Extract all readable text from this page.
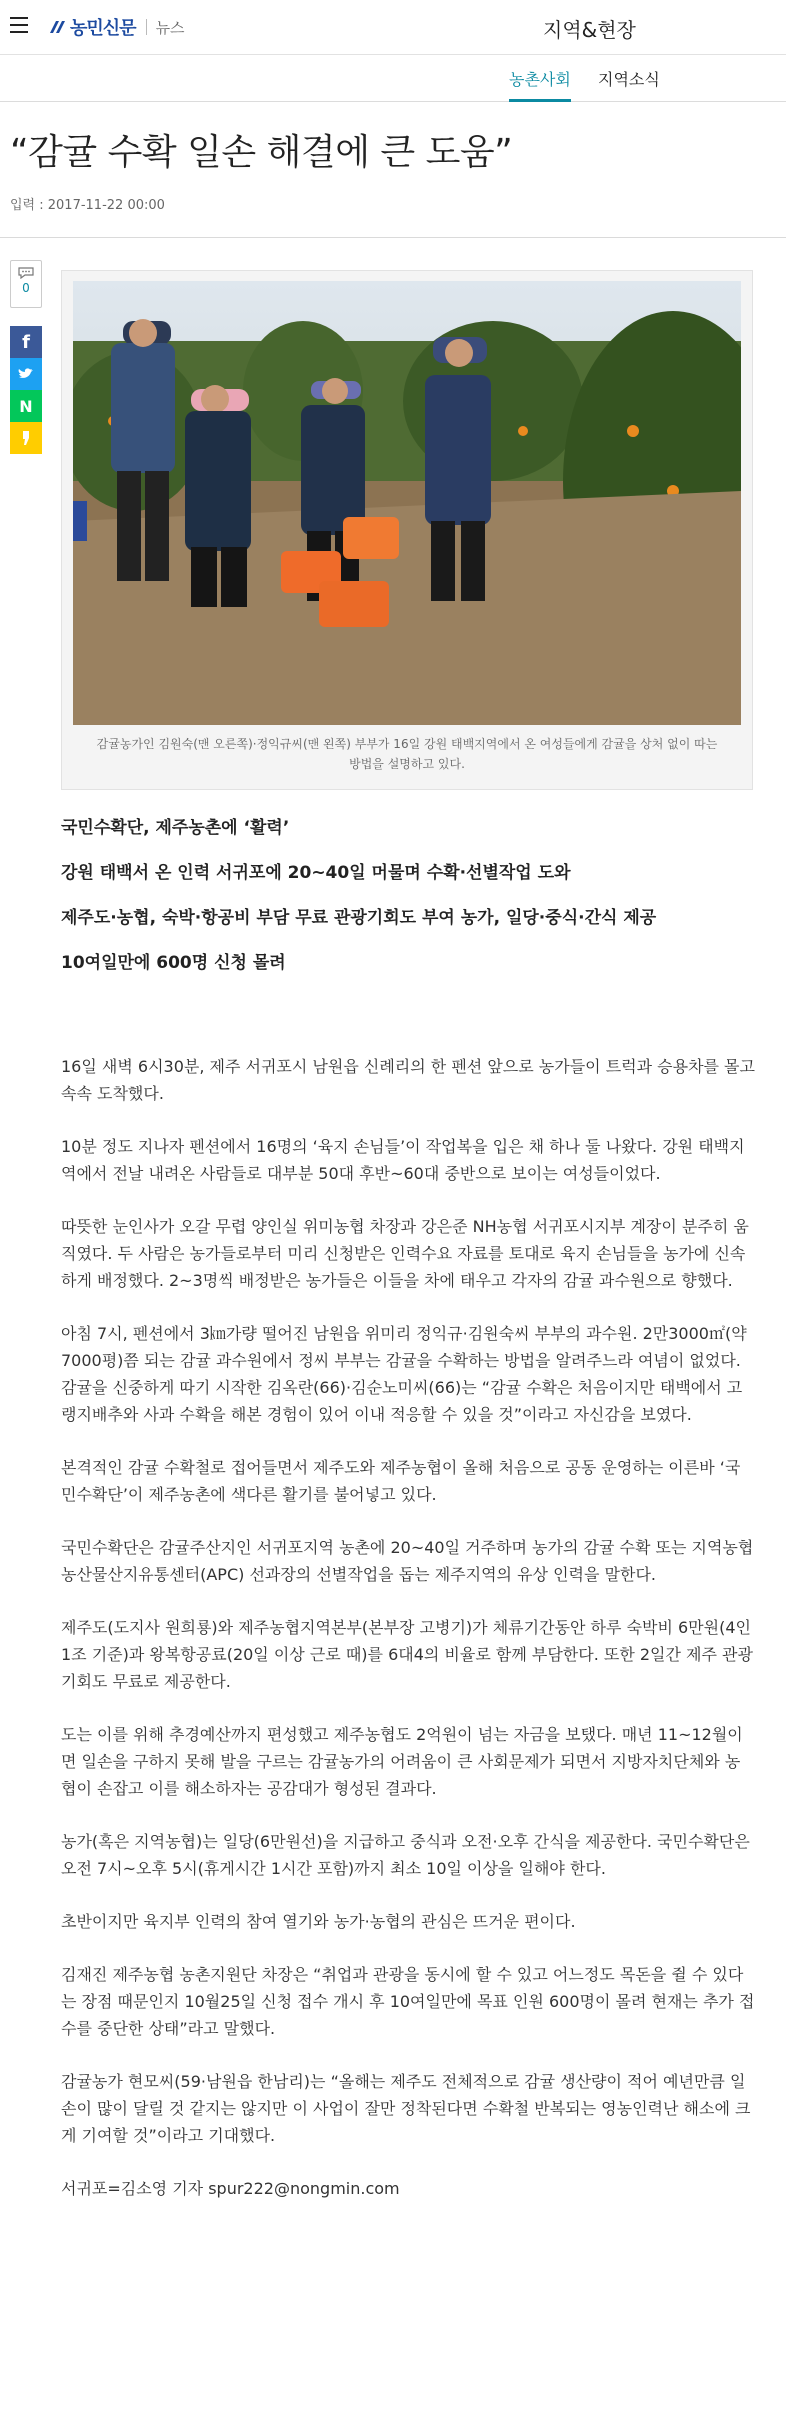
농민신문 뉴스	지역&현장
농촌사회 지역소식
“감귤 수확 일손 해결에 큰 도움”
입력 : 2017-11-22 00:00
0
f
N
감귤농가인 김원숙(맨 오른쪽)·정익규씨(맨 왼쪽) 부부가 16일 강원 태백지역에서 온 여성들에게 감귤을 상처 없이 따는 방법을 설명하고 있다.

국민수확단, 제주농촌에 ‘활력’

강원 태백서 온 인력 서귀포에 20~40일 머물며 수확·선별작업 도와

제주도·농협, 숙박·항공비 부담 무료 관광기회도 부여 농가, 일당·중식·간식 제공

10여일만에 600명 신청 몰려

16일 새벽 6시30분, 제주 서귀포시 남원읍 신례리의 한 펜션 앞으로 농가들이 트럭과 승용차를 몰고 속속 도착했다.

10분 정도 지나자 펜션에서 16명의 ‘육지 손님들’이 작업복을 입은 채 하나 둘 나왔다. 강원 태백지역에서 전날 내려온 사람들로 대부분 50대 후반~60대 중반으로 보이는 여성들이었다.

따뜻한 눈인사가 오갈 무렵 양인실 위미농협 차장과 강은준 NH농협 서귀포시지부 계장이 분주히 움직였다. 두 사람은 농가들로부터 미리 신청받은 인력수요 자료를 토대로 육지 손님들을 농가에 신속하게 배정했다. 2~3명씩 배정받은 농가들은 이들을 차에 태우고 각자의 감귤 과수원으로 향했다.

아침 7시, 펜션에서 3㎞가량 떨어진 남원읍 위미리 정익규·김원숙씨 부부의 과수원. 2만3000㎡(약 7000평)쯤 되는 감귤 과수원에서 정씨 부부는 감귤을 수확하는 방법을 알려주느라 여념이 없었다. 감귤을 신중하게 따기 시작한 김옥란(66)·김순노미씨(66)는 “감귤 수확은 처음이지만 태백에서 고랭지배추와 사과 수확을 해본 경험이 있어 이내 적응할 수 있을 것”이라고 자신감을 보였다.

본격적인 감귤 수확철로 접어들면서 제주도와 제주농협이 올해 처음으로 공동 운영하는 이른바 ‘국민수확단’이 제주농촌에 색다른 활기를 불어넣고 있다.

국민수확단은 감귤주산지인 서귀포지역 농촌에 20~40일 거주하며 농가의 감귤 수확 또는 지역농협 농산물산지유통센터(APC) 선과장의 선별작업을 돕는 제주지역의 유상 인력을 말한다.

제주도(도지사 원희룡)와 제주농협지역본부(본부장 고병기)가 체류기간동안 하루 숙박비 6만원(4인 1조 기준)과 왕복항공료(20일 이상 근로 때)를 6대4의 비율로 함께 부담한다. 또한 2일간 제주 관광기회도 무료로 제공한다.

도는 이를 위해 추경예산까지 편성했고 제주농협도 2억원이 넘는 자금을 보탰다. 매년 11~12월이면 일손을 구하지 못해 발을 구르는 감귤농가의 어려움이 큰 사회문제가 되면서 지방자치단체와 농협이 손잡고 이를 해소하자는 공감대가 형성된 결과다.

농가(혹은 지역농협)는 일당(6만원선)을 지급하고 중식과 오전·오후 간식을 제공한다. 국민수확단은 오전 7시~오후 5시(휴게시간 1시간 포함)까지 최소 10일 이상을 일해야 한다.

초반이지만 육지부 인력의 참여 열기와 농가·농협의 관심은 뜨거운 편이다.

김재진 제주농협 농촌지원단 차장은 “취업과 관광을 동시에 할 수 있고 어느정도 목돈을 쥘 수 있다는 장점 때문인지 10월25일 신청 접수 개시 후 10여일만에 목표 인원 600명이 몰려 현재는 추가 접수를 중단한 상태”라고 말했다.

감귤농가 현모씨(59·남원읍 한남리)는 “올해는 제주도 전체적으로 감귤 생산량이 적어 예년만큼 일손이 많이 달릴 것 같지는 않지만 이 사업이 잘만 정착된다면 수확철 반복되는 영농인력난 해소에 크게 기여할 것”이라고 기대했다.

서귀포=김소영 기자 spur222@nongmin.com
